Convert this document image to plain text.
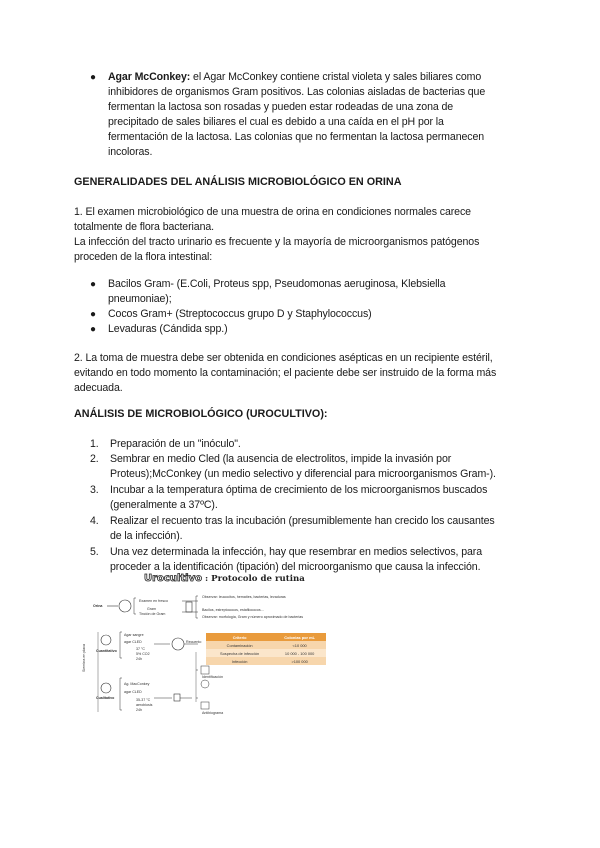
● Agar McConkey: el Agar McConkey contiene cristal violeta y sales biliares como
inhibidores de organismos Gram positivos. Las colonias aisladas de bacterias que
fermentan la lactosa son rosadas y pueden estar rodeadas de una zona de
precipitado de sales biliares el cual es debido a una caída en el pH por la
fermentación de la lactosa. Las colonias que no fermentan la lactosa permanecen
incoloras.
GENERALIDADES DEL ANÁLISIS MICROBIOLÓGICO EN ORINA
1. El examen microbiológico de una muestra de orina en condiciones normales carece
totalmente de flora bacteriana.
La infección del tracto urinario es frecuente y la mayoría de microorganismos patógenos
proceden de la flora intestinal:
● Bacilos Gram- (E.Coli, Proteus spp, Pseudomonas aeruginosa, Klebsiella
pneumoniae);
● Cocos Gram+ (Streptococcus grupo D y Staphylococcus)
● Levaduras (Cándida spp.)
2. La toma de muestra debe ser obtenida en condiciones asépticas en un recipiente estéril,
evitando en todo momento la contaminación; el paciente debe ser instruido de la forma más
adecuada.
ANÁLISIS DE MICROBIOLÓGICO (UROCULTIVO):
1. Preparación de un "inóculo".
2. Sembrar en medio Cled (la ausencia de electrolitos, impide la invasión por
Proteus);McConkey (un medio selectivo y diferencial para microorganismos Gram-).
3. Incubar a la temperatura óptima de crecimiento de los microorganismos buscados
(generalmente a 37ºC).
4. Realizar el recuento tras la incubación (presumiblemente han crecido los causantes
de la infección).
5. Una vez determinada la infección, hay que resembrar en medios selectivos, para
proceder a la identificación (tipación) del microorganismo que causa la infección.
Urocultivo : Protocolo de rutina
Orina
Examen en fresco
Gram
Tinción de Gram
Observar: leucocitos, hematíes, bacterias, levaduras
Bacilos, estreptococos, estafilococos...
Observar: morfología, Gram y número aproximado de bacterias
Cuantitativo
Agar sangre
agar CLED
37 °C
5% CO2
24h
Recuento
Cualitativo
Ag. MacConkey
agar CLED
35-37 °C
aerobiosis
24h
Identificación
Antibiograma
Siembra en placa
Criterio	Colonias por mL
Contaminación	<10 000
Sospecha de infección	10 000 - 100 000
Infección	>100 000
